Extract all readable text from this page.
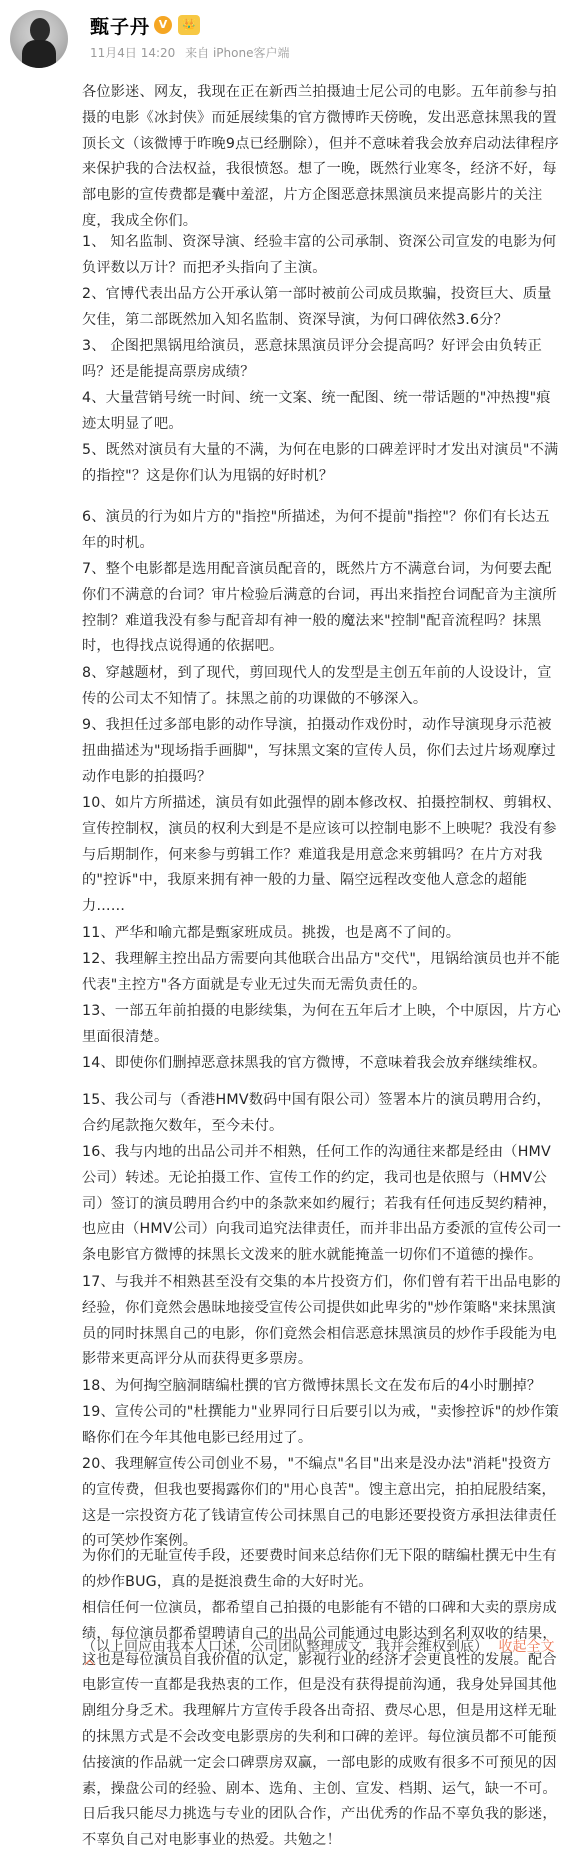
甄子丹 V	👑
11月4日 14:20 来自 iPhone客户端

各位影迷、网友，我现在正在新西兰拍摄迪士尼公司的电影。五年前参与拍摄的电影《冰封侠》而延展续集的官方微博昨天傍晚，发出恶意抹黑我的置顶长文（该微博于昨晚9点已经删除），但并不意味着我会放弃启动法律程序来保护我的合法权益，我很愤怒。想了一晚，既然行业寒冬，经济不好，每部电影的宣传费都是囊中羞涩，片方企图恶意抹黑演员来提高影片的关注度，我成全你们。

1、 知名监制、资深导演、经验丰富的公司承制、资深公司宣发的电影为何负评数以万计？而把矛头指向了主演。

2、官博代表出品方公开承认第一部时被前公司成员欺骗，投资巨大、质量欠佳，第二部既然加入知名监制、资深导演，为何口碑依然3.6分？

3、 企图把黑锅甩给演员，恶意抹黑演员评分会提高吗？好评会由负转正吗？还是能提高票房成绩？

4、大量营销号统一时间、统一文案、统一配图、统一带话题的"冲热搜"痕迹太明显了吧。

5、既然对演员有大量的不满，为何在电影的口碑差评时才发出对演员"不满的指控"？这是你们认为甩锅的好时机？

6、演员的行为如片方的"指控"所描述，为何不提前"指控"？你们有长达五年的时机。

7、整个电影都是选用配音演员配音的，既然片方不满意台词，为何要去配你们不满意的台词？审片检验后满意的台词，再出来指控台词配音为主演所控制？难道我没有参与配音却有神一般的魔法来"控制"配音流程吗？抹黑时，也得找点说得通的依据吧。

8、穿越题材，到了现代，剪回现代人的发型是主创五年前的人设设计，宣传的公司太不知情了。抹黑之前的功课做的不够深入。

9、我担任过多部电影的动作导演，拍摄动作戏份时，动作导演现身示范被扭曲描述为"现场指手画脚"，写抹黑文案的宣传人员，你们去过片场观摩过动作电影的拍摄吗？

10、如片方所描述，演员有如此强悍的剧本修改权、拍摄控制权、剪辑权、宣传控制权，演员的权利大到是不是应该可以控制电影不上映呢？我没有参与后期制作，何来参与剪辑工作？难道我是用意念来剪辑吗？在片方对我的"控诉"中，我原来拥有神一般的力量、隔空远程改变他人意念的超能力……

11、严华和喻亢都是甄家班成员。挑拨，也是离不了间的。

12、我理解主控出品方需要向其他联合出品方"交代"，甩锅给演员也并不能代表"主控方"各方面就是专业无过失而无需负责任的。

13、一部五年前拍摄的电影续集，为何在五年后才上映，个中原因，片方心里面很清楚。

14、即使你们删掉恶意抹黑我的官方微博，不意味着我会放弃继续维权。

15、我公司与（香港HMV数码中国有限公司）签署本片的演员聘用合约，合约尾款拖欠数年，至今未付。

16、我与内地的出品公司并不相熟，任何工作的沟通往来都是经由（HMV公司）转述。无论拍摄工作、宣传工作的约定，我司也是依照与（HMV公司）签订的演员聘用合约中的条款来如约履行；若我有任何违反契约精神，也应由（HMV公司）向我司追究法律责任，而并非出品方委派的宣传公司一条电影官方微博的抹黑长文泼来的脏水就能掩盖一切你们不道德的操作。

17、与我并不相熟甚至没有交集的本片投资方们，你们曾有若干出品电影的经验，你们竟然会愚昧地接受宣传公司提供如此卑劣的"炒作策略"来抹黑演员的同时抹黑自己的电影，你们竟然会相信恶意抹黑演员的炒作手段能为电影带来更高评分从而获得更多票房。

18、为何掏空脑洞瞎编杜撰的官方微博抹黑长文在发布后的4小时删掉？

19、宣传公司的"杜撰能力"业界同行日后要引以为戒，"卖惨控诉"的炒作策略你们在今年其他电影已经用过了。

20、我理解宣传公司创业不易，"不编点"名目"出来是没办法"消耗"投资方的宣传费，但我也要揭露你们的"用心良苦"。馊主意出完，拍拍屁股结案，这是一宗投资方花了钱请宣传公司抹黑自己的电影还要投资方承担法律责任的可笑炒作案例。

为你们的无耻宣传手段，还要费时间来总结你们无下限的瞎编杜撰无中生有的炒作BUG，真的是挺浪费生命的大好时光。

相信任何一位演员，都希望自己拍摄的电影能有不错的口碑和大卖的票房成绩，每位演员都希望聘请自己的出品公司能通过电影达到名利双收的结果，这也是每位演员自我价值的认定，影视行业的经济才会更良性的发展。配合电影宣传一直都是我热衷的工作，但是没有获得提前沟通，我身处异国其他剧组分身乏术。我理解片方宣传手段各出奇招、费尽心思，但是用这样无耻的抹黑方式是不会改变电影票房的失利和口碑的差评。每位演员都不可能预估接演的作品就一定会口碑票房双赢，一部电影的成败有很多不可预见的因素，操盘公司的经验、剧本、选角、主创、宣发、档期、运气，缺一不可。日后我只能尽力挑选与专业的团队合作，产出优秀的作品不辜负我的影迷，不辜负自己对电影事业的热爱。共勉之！

（以上回应由我本人口述，公司团队整理成文，我并会维权到底） 收起全文
